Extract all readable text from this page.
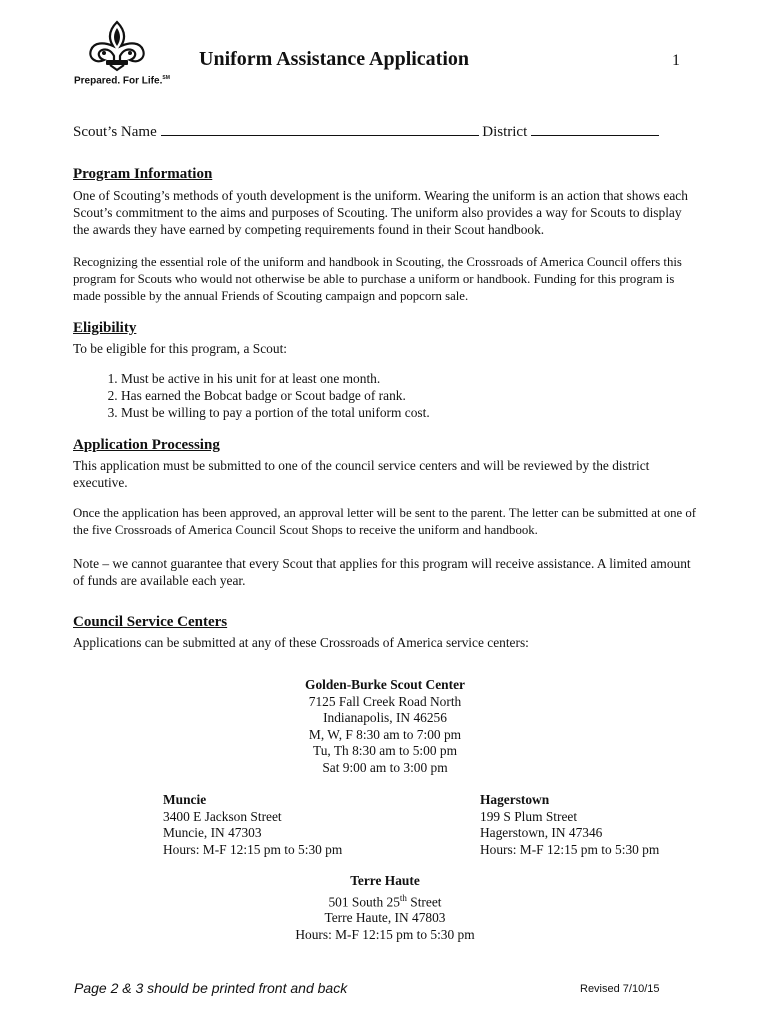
Prepared. For Life.℠
Uniform Assistance Application	1
Scout’s Name	District
Program Information
One of Scouting’s methods of youth development is the uniform. Wearing the uniform is an action that shows each Scout’s commitment to the aims and purposes of Scouting. The uniform also provides a way for Scouts to display the awards they have earned by competing requirements found in their Scout handbook.
Recognizing the essential role of the uniform and handbook in Scouting, the Crossroads of America Council offers this program for Scouts who would not otherwise be able to purchase a uniform or handbook. Funding for this program is made possible by the annual Friends of Scouting campaign and popcorn sale.
Eligibility
To be eligible for this program, a Scout:
1. Must be active in his unit for at least one month.
2. Has earned the Bobcat badge or Scout badge of rank.
3. Must be willing to pay a portion of the total uniform cost.
Application Processing
This application must be submitted to one of the council service centers and will be reviewed by the district executive.
Once the application has been approved, an approval letter will be sent to the parent. The letter can be submitted at one of the five Crossroads of America Council Scout Shops to receive the uniform and handbook.
Note – we cannot guarantee that every Scout that applies for this program will receive assistance. A limited amount of funds are available each year.
Council Service Centers
Applications can be submitted at any of these Crossroads of America service centers:
Golden-Burke Scout Center
7125 Fall Creek Road North
Indianapolis, IN 46256
M, W, F 8:30 am to 7:00 pm
Tu, Th 8:30 am to 5:00 pm
Sat 9:00 am to 3:00 pm
Muncie
3400 E Jackson Street
Muncie, IN 47303
Hours: M-F 12:15 pm to 5:30 pm
Hagerstown
199 S Plum Street
Hagerstown, IN 47346
Hours: M-F 12:15 pm to 5:30 pm
Terre Haute
501 South 25th Street
Terre Haute, IN 47803
Hours: M-F 12:15 pm to 5:30 pm
Page 2 & 3 should be printed front and back	Revised 7/10/15
